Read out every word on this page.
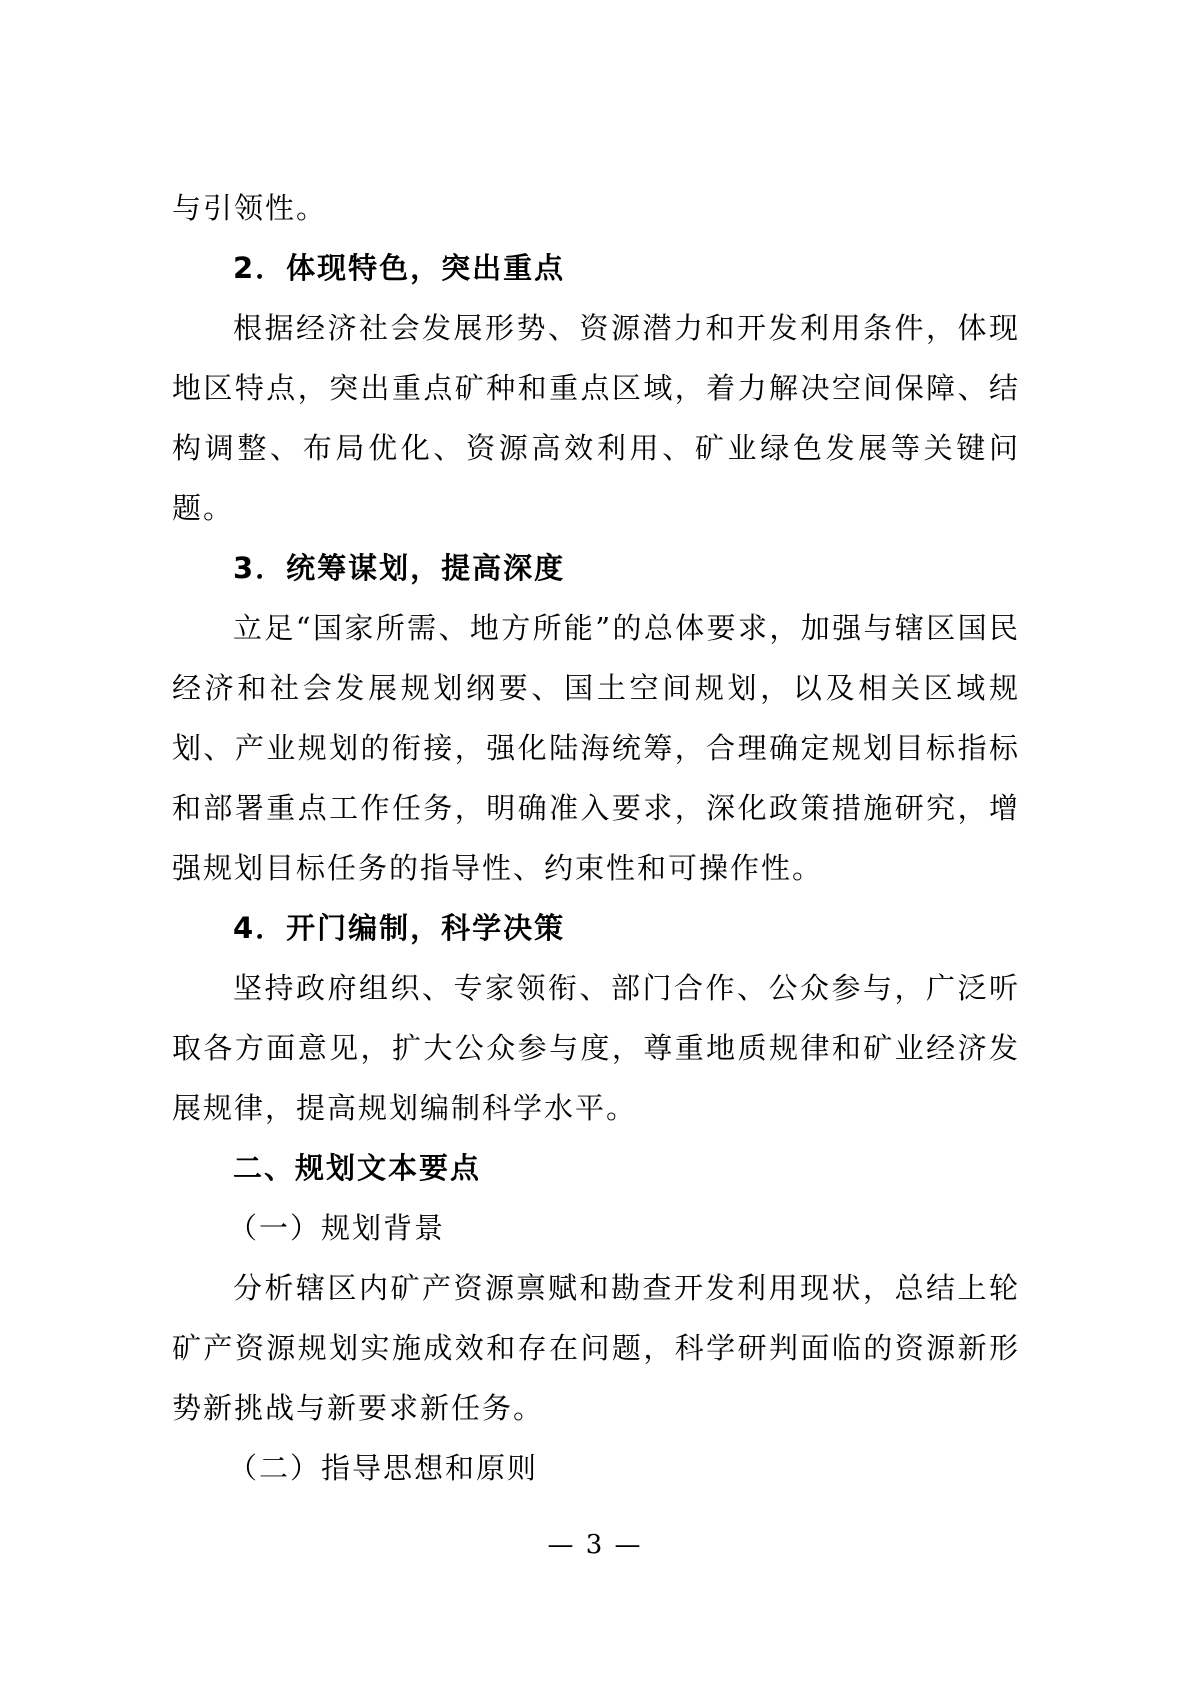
与引领性。
2．体现特色，突出重点
根据经济社会发展形势、资源潜力和开发利用条件，体现
地区特点，突出重点矿种和重点区域，着力解决空间保障、结
构调整、布局优化、资源高效利用、矿业绿色发展等关键问
题。
3．统筹谋划，提高深度
立足“国家所需、地方所能”的总体要求，加强与辖区国民
经济和社会发展规划纲要、国土空间规划，以及相关区域规
划、产业规划的衔接，强化陆海统筹，合理确定规划目标指标
和部署重点工作任务，明确准入要求，深化政策措施研究，增
强规划目标任务的指导性、约束性和可操作性。
4．开门编制，科学决策
坚持政府组织、专家领衔、部门合作、公众参与，广泛听
取各方面意见，扩大公众参与度，尊重地质规律和矿业经济发
展规律，提高规划编制科学水平。
二、规划文本要点
（一）规划背景
分析辖区内矿产资源禀赋和勘查开发利用现状，总结上轮
矿产资源规划实施成效和存在问题，科学研判面临的资源新形
势新挑战与新要求新任务。
（二）指导思想和原则
— 3 —
